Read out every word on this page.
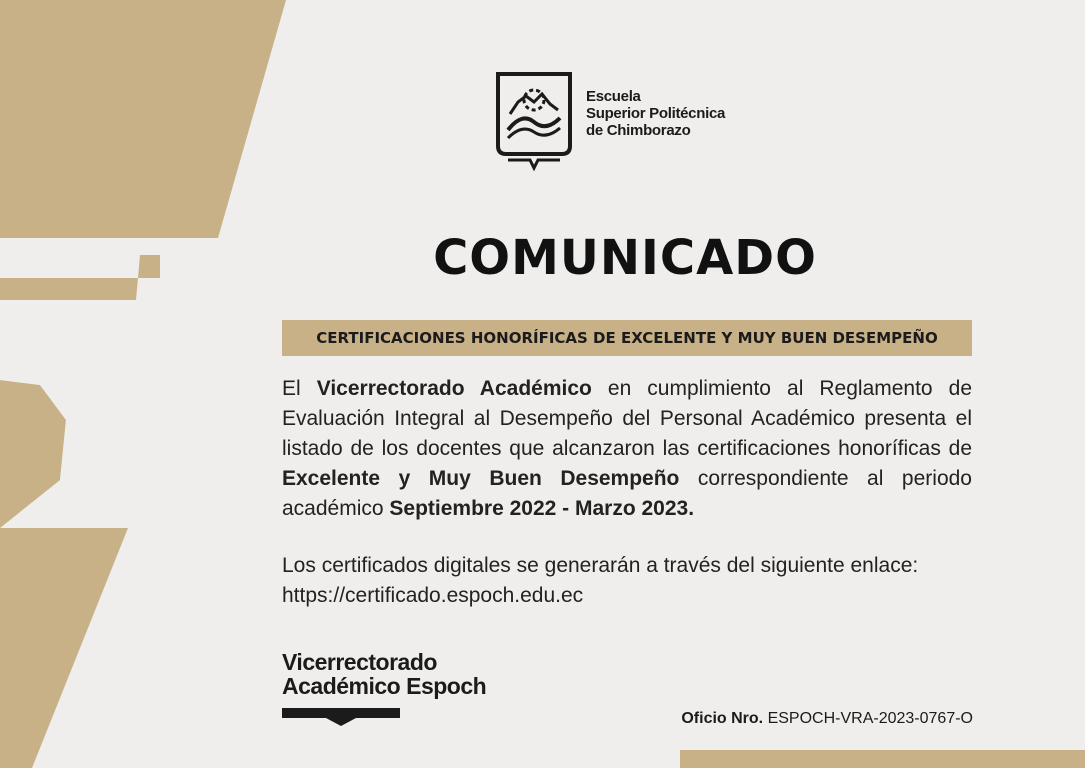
Escuela
Superior Politécnica
de Chimborazo
COMUNICADO
CERTIFICACIONES HONORÍFICAS DE EXCELENTE Y MUY BUEN DESEMPEÑO

El Vicerrectorado Académico en cumplimiento al Reglamento de Evaluación Integral al Desempeño del Personal Académico presenta el listado de los docentes que alcanzaron las certificaciones honoríficas de Excelente y Muy Buen Desempeño correspondiente al periodo académico Septiembre 2022 - Marzo 2023.

Los certificados digitales se generarán a través del siguiente enlace:

https://certificado.espoch.edu.ec

Vicerrectorado
Académico Espoch
Oficio Nro. ESPOCH-VRA-2023-0767-O
